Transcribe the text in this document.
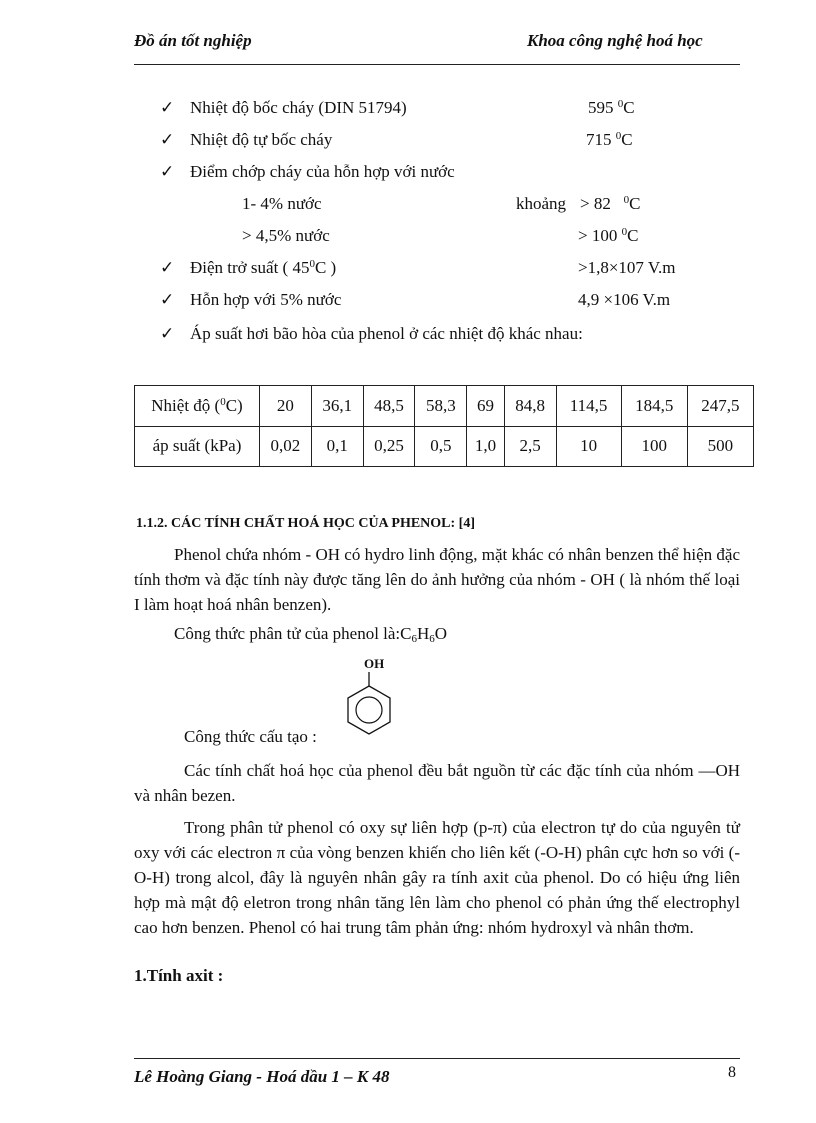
Đồ án tốt nghiệp	Khoa công nghệ hoá học
✓ Nhiệt độ bốc cháy (DIN 51794)	595 $^0$C
✓ Nhiệt độ tự bốc cháy	715 $^0$C
✓ Điểm chớp cháy của hỗn hợp với nước
1- 4% nước	khoảng > 82 $^0$C
> 4,5% nước	> 100 $^0$C
✓ Điện trở suất ( $45^0C$ )	>1,8×107 V.m
✓ Hỗn hợp với 5% nước	4,9 ×106 V.m
✓ Áp suất hơi bão hòa của phenol ở các nhiệt độ khác nhau:
Nhiệt độ ($^0$C)	20	36,1	48,5	58,3	69	84,8	114,5	184,5	247,5
áp suất (kPa)	0,02	0,1	0,25	0,5	1,0	2,5	10	100	500
1.1.2. CÁC TÍNH CHẤT HOÁ HỌC CỦA PHENOL: [4]
Phenol chứa nhóm - OH có hydro linh động, mặt khác có nhân benzen thể hiện đặc tính thơm và đặc tính này được tăng lên do ảnh hưởng của nhóm - OH ( là nhóm thế loại I làm hoạt hoá nhân benzen).
Công thức phân tử của phenol $là:C_6H_6O$
OH
Công thức cấu tạo :
Các tính chất hoá học của phenol đều bắt nguồn từ các đặc tính của nhóm —OH và nhân bezen.
Trong phân tử phenol có oxy sự liên hợp (p-π) của electron tự do của nguyên tử oxy với các electron π của vòng benzen khiến cho liên kết (-O-H) phân cực hơn so với (-O-H) trong alcol, đây là nguyên nhân gây ra tính axit của phenol. Do có hiệu ứng liên hợp mà mật độ eletron trong nhân tăng lên làm cho phenol có phản ứng thế electrophyl cao hơn benzen. Phenol có hai trung tâm phản ứng: nhóm hydroxyl và nhân thơm.
1.Tính axit :
Lê Hoàng Giang - Hoá dầu 1 – K 48	8
